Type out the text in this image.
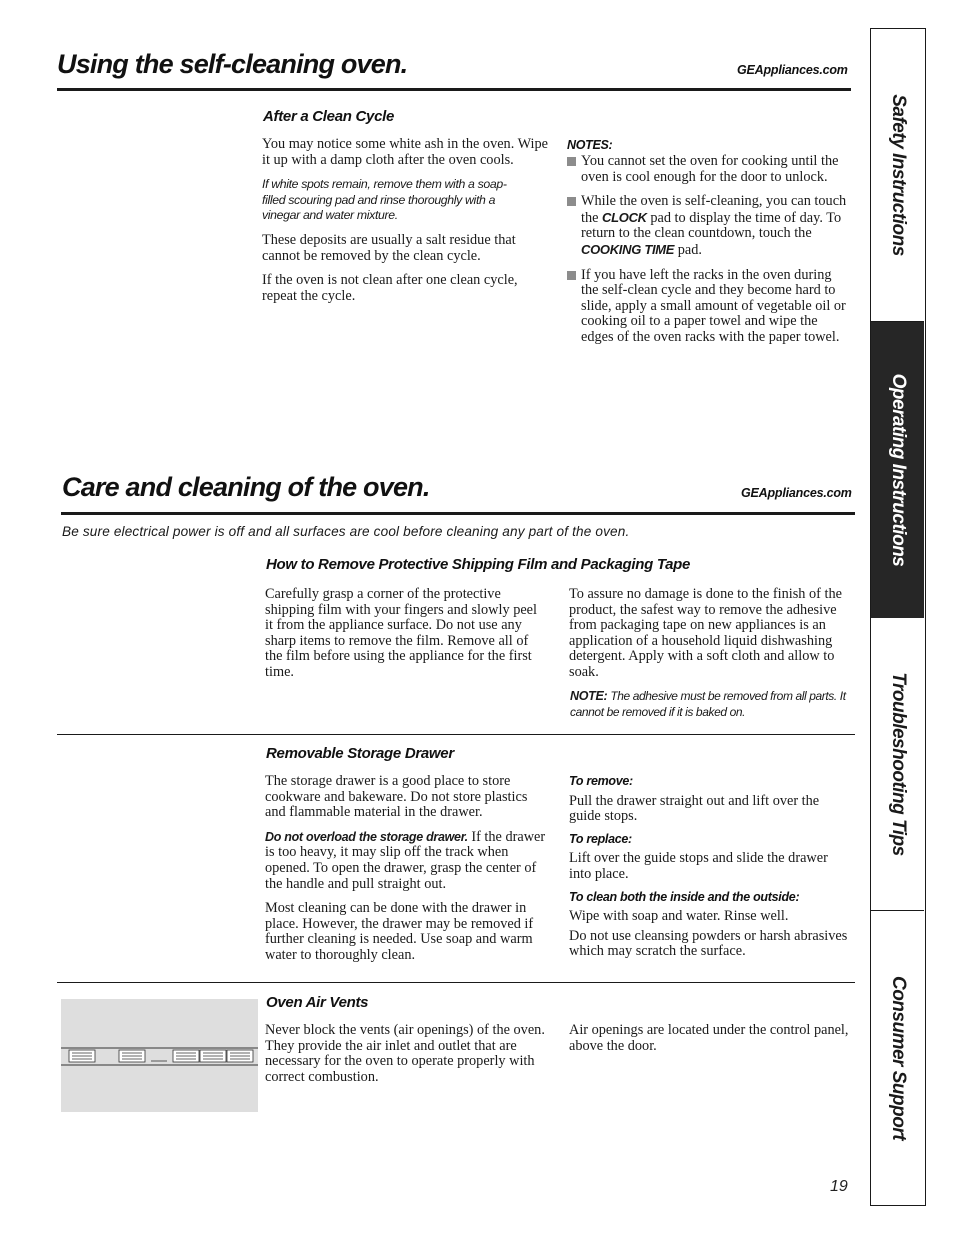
Using the self-cleaning oven.	GEAppliances.com
After a Clean Cycle

You may notice some white ash in the oven. Wipe it up with a damp cloth after the oven cools.

If white spots remain, remove them with a soap-filled scouring pad and rinse thoroughly with a vinegar and water mixture.

These deposits are usually a salt residue that cannot be removed by the clean cycle.

If the oven is not clean after one clean cycle, repeat the cycle.

NOTES:
You cannot set the oven for cooking until the oven is cool enough for the door to unlock.
While the oven is self-cleaning, you can touch the CLOCK pad to display the time of day. To return to the clean countdown, touch the COOKING TIME pad.
If you have left the racks in the oven during the self-clean cycle and they become hard to slide, apply a small amount of vegetable oil or cooking oil to a paper towel and wipe the edges of the oven racks with the paper towel.
Care and cleaning of the oven.	GEAppliances.com
Be sure electrical power is off and all surfaces are cool before cleaning any part of the oven.
How to Remove Protective Shipping Film and Packaging Tape
Carefully grasp a corner of the protective shipping film with your fingers and slowly peel it from the appliance surface. Do not use any sharp items to remove the film. Remove all of the film before using the appliance for the first time.
To assure no damage is done to the finish of the product, the safest way to remove the adhesive from packaging tape on new appliances is an application of a household liquid dishwashing detergent. Apply with a soft cloth and allow to soak.
NOTE: The adhesive must be removed from all parts. It cannot be removed if it is baked on.
Removable Storage Drawer

The storage drawer is a good place to store cookware and bakeware. Do not store plastics and flammable material in the drawer.

Do not overload the storage drawer. If the drawer is too heavy, it may slip off the track when opened. To open the drawer, grasp the center of the handle and pull straight out.

Most cleaning can be done with the drawer in place. However, the drawer may be removed if further cleaning is needed. Use soap and warm water to thoroughly clean.

To remove:

Pull the drawer straight out and lift over the guide stops.

To replace:

Lift over the guide stops and slide the drawer into place.

To clean both the inside and the outside:

Wipe with soap and water. Rinse well.

Do not use cleansing powders or harsh abrasives which may scratch the surface.

Oven Air Vents
Never block the vents (air openings) of the oven. They provide the air inlet and outlet that are necessary for the oven to operate properly with correct combustion.
Air openings are located under the control panel, above the door.
19
Safety Instructions
Operating Instructions
Troubleshooting Tips
Consumer Support
